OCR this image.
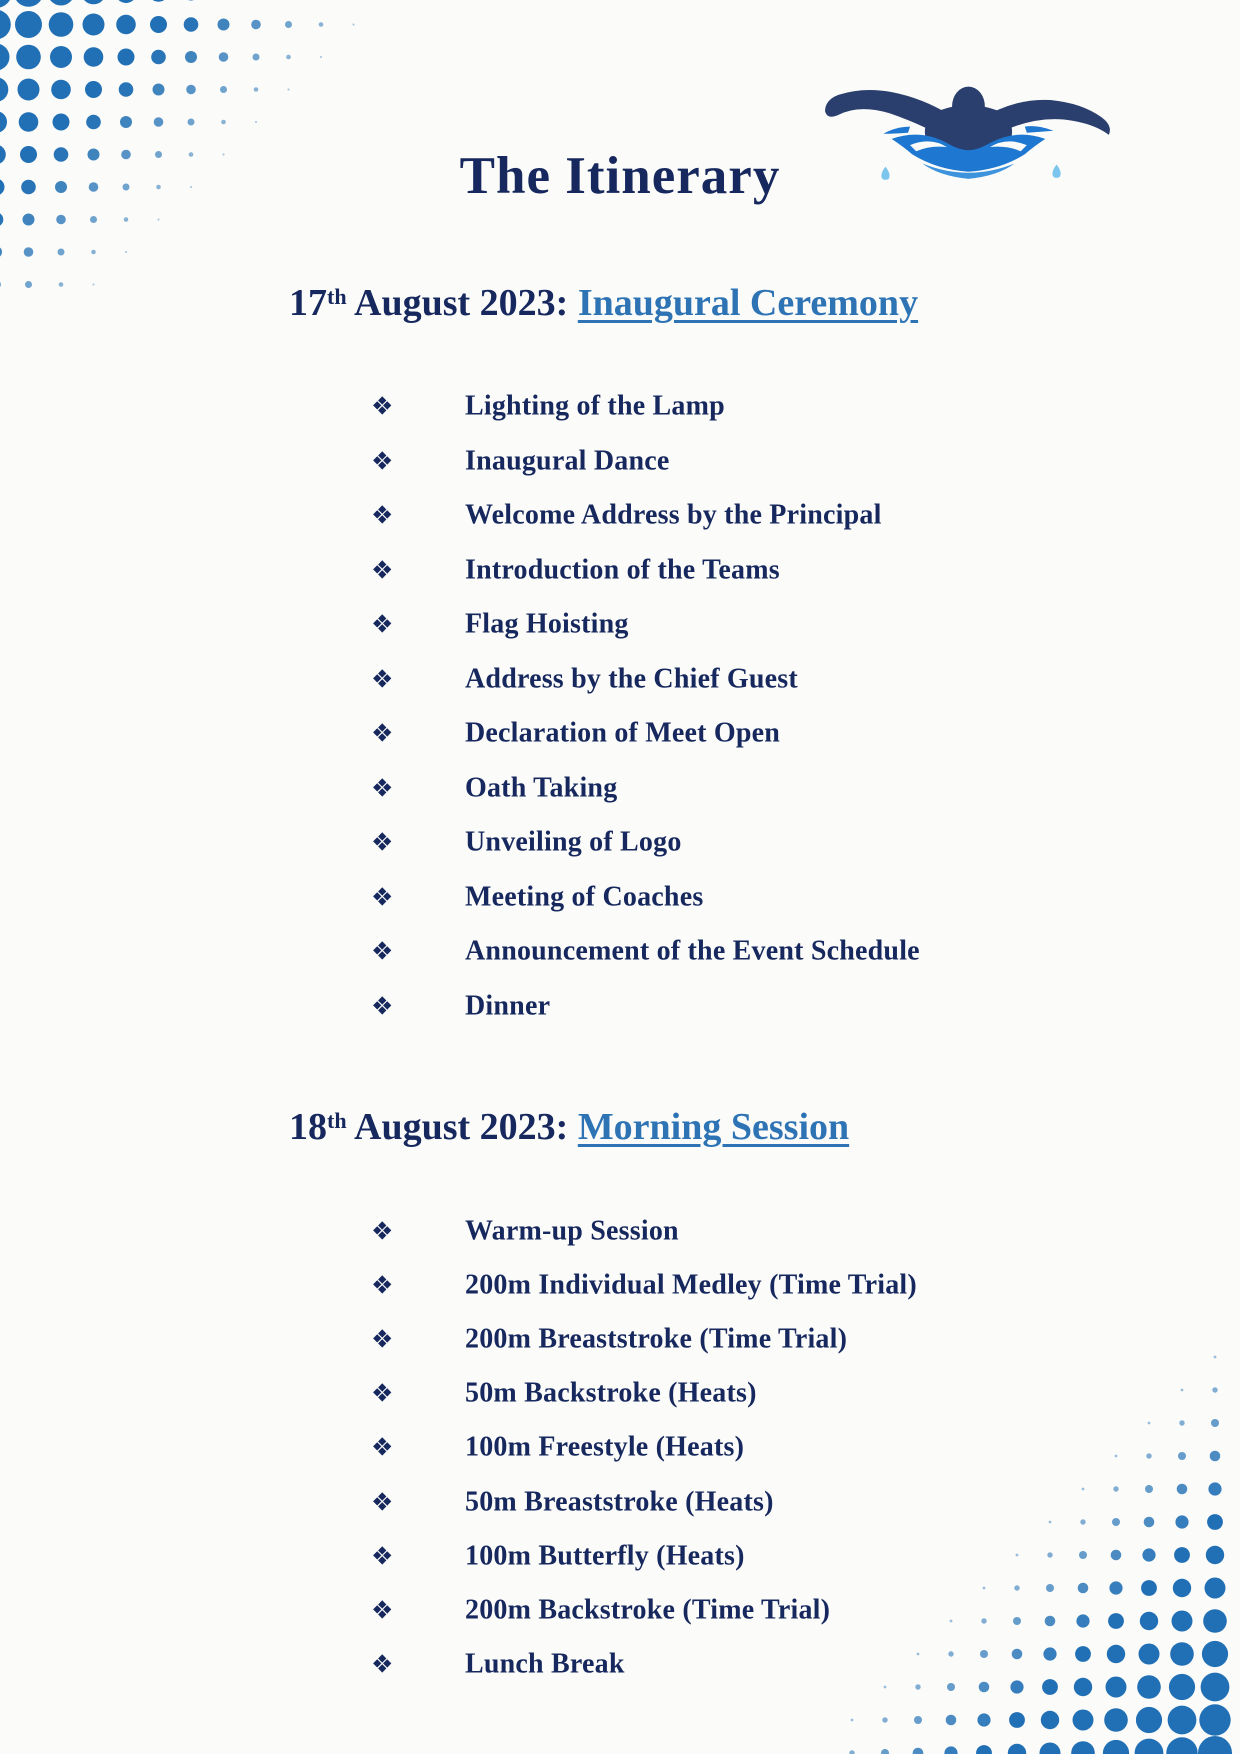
The Itinerary
17th August 2023: Inaugural Ceremony
❖	Lighting of the Lamp
❖	Inaugural Dance
❖	Welcome Address by the Principal
❖	Introduction of the Teams
❖	Flag Hoisting
❖	Address by the Chief Guest
❖	Declaration of Meet Open
❖	Oath Taking
❖	Unveiling of Logo
❖	Meeting of Coaches
❖	Announcement of the Event Schedule
❖	Dinner
18th August 2023: Morning Session
❖	Warm-up Session
❖	200m Individual Medley (Time Trial)
❖	200m Breaststroke (Time Trial)
❖	50m Backstroke (Heats)
❖	100m Freestyle (Heats)
❖	50m Breaststroke (Heats)
❖	100m Butterfly (Heats)
❖	200m Backstroke (Time Trial)
❖	Lunch Break
